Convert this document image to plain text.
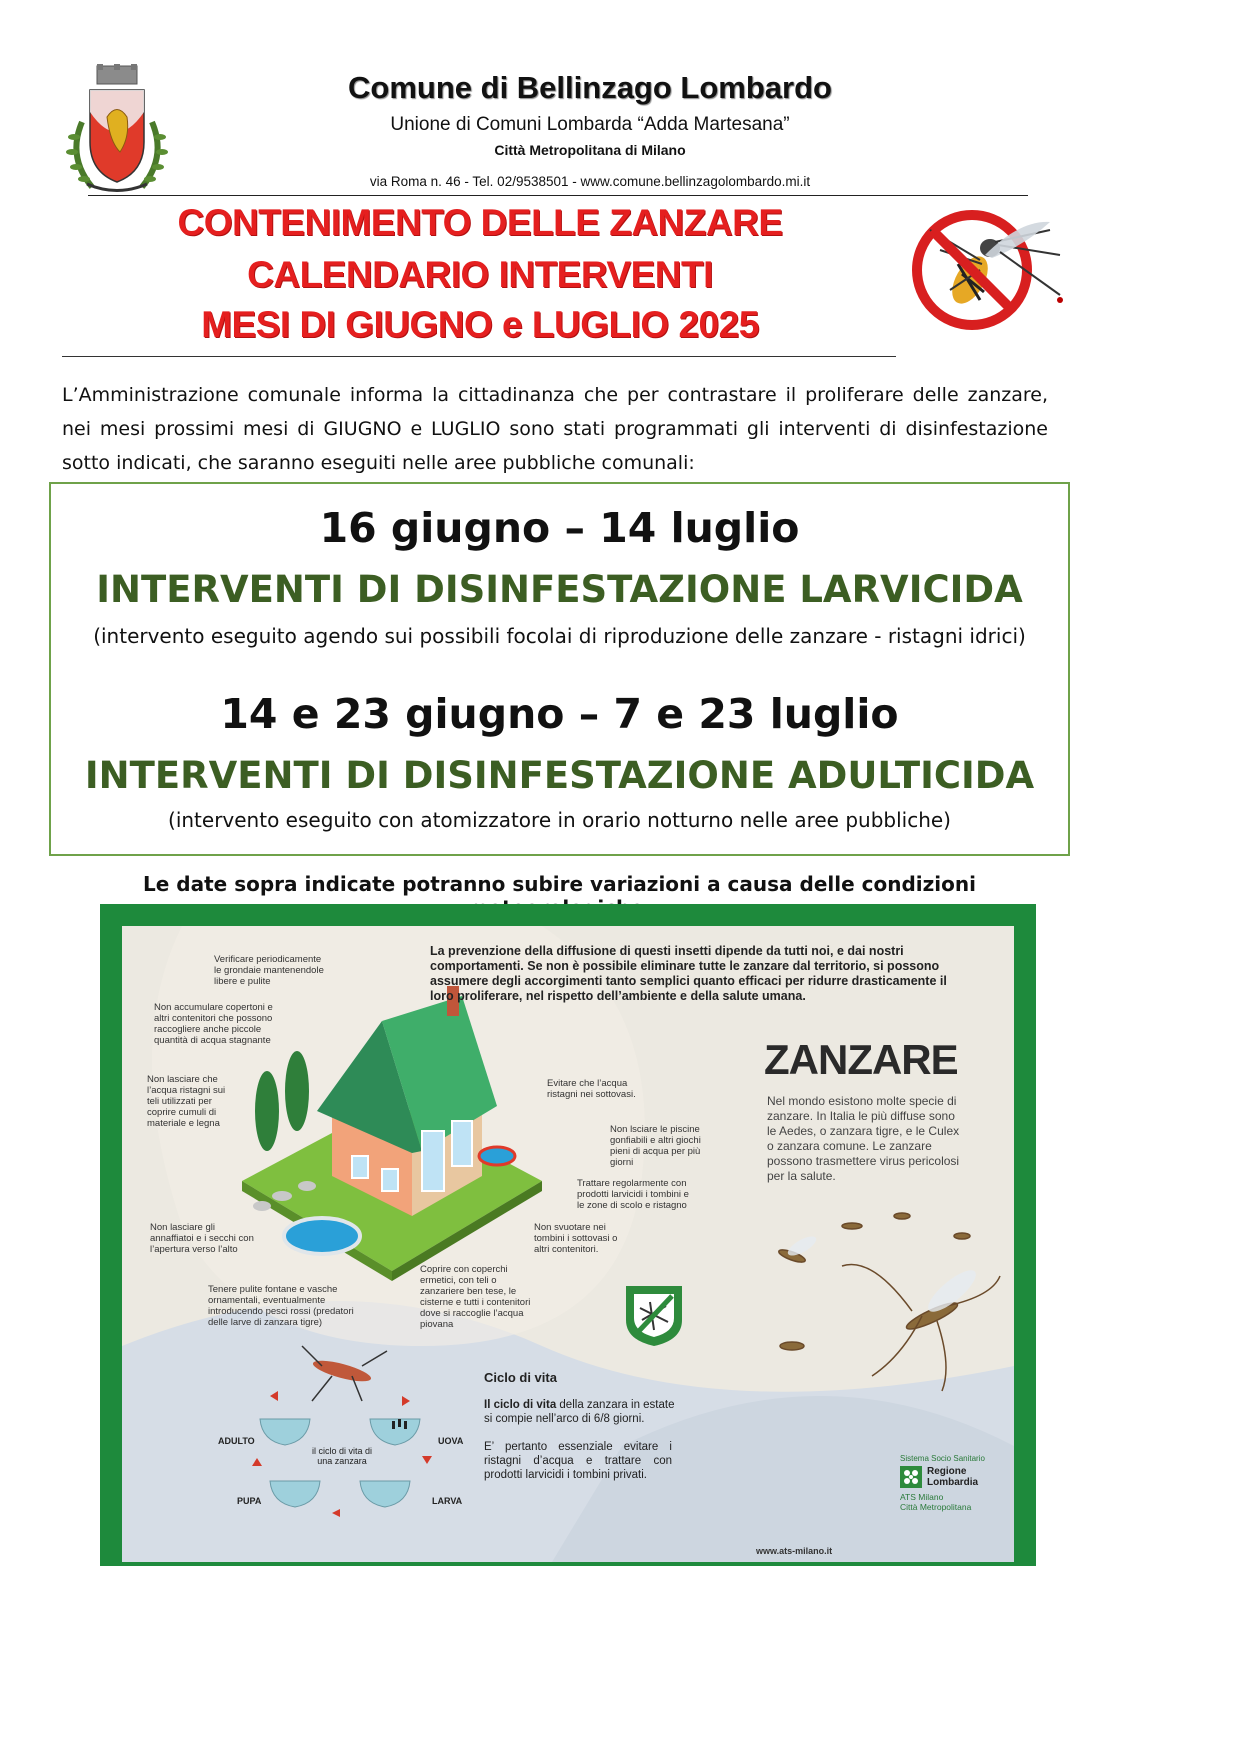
Comune di Bellinzago Lombardo
Unione di Comuni Lombarda “Adda Martesana”
Città Metropolitana di Milano
via Roma n. 46 - Tel. 02/9538501 - www.comune.bellinzagolombardo.mi.it
CONTENIMENTO DELLE ZANZARE
CALENDARIO INTERVENTI
MESI DI GIUGNO e LUGLIO 2025
L’Amministrazione comunale informa la cittadinanza che per contrastare il proliferare delle zanzare, nei mesi prossimi mesi di GIUGNO e LUGLIO sono stati programmati gli interventi di disinfestazione sotto indicati, che saranno eseguiti nelle aree pubbliche comunali:
16 giugno – 14 luglio
INTERVENTI DI DISINFESTAZIONE LARVICIDA
(intervento eseguito agendo sui possibili focolai di riproduzione delle zanzare - ristagni idrici)
14 e 23 giugno – 7 e 23 luglio
INTERVENTI DI DISINFESTAZIONE ADULTICIDA
(intervento eseguito con atomizzatore in orario notturno nelle aree pubbliche)
Le date sopra indicate potranno subire variazioni a causa delle condizioni
Verificare periodicamente le grondaie mantenendole libere e pulite
Non accumulare copertoni e altri contenitori che possono raccogliere anche piccole quantità di acqua stagnante
Non lasciare che l’acqua ristagni sui teli utilizzati per coprire cumuli di materiale e legna
Evitare che l’acqua ristagni nei sottovasi.
Non lsciare le piscine gonfiabili e altri giochi pieni di acqua per più giorni
Trattare regolarmente con prodotti larvicidi i tombini e le zone di scolo e ristagno
Non lasciare gli annaffiatoi e i secchi con l’apertura verso l’alto
Non svuotare nei tombini i sottovasi o altri contenitori.
Tenere pulite fontane e vasche ornamentali, eventualmente introducendo pesci rossi (predatori delle larve di zanzara tigre)
Coprire con coperchi ermetici, con teli o zanzariere ben tese, le cisterne e tutti i contenitori dove si raccoglie l’acqua piovana
La prevenzione della diffusione di questi insetti dipende da tutti noi, e dai nostri comportamenti. Se non è possibile eliminare tutte le zanzare dal territorio, si possono assumere degli accorgimenti tanto semplici quanto efficaci per ridurre drasticamente il loro proliferare, nel rispetto dell’ambiente e della salute umana.
ZANZARE
Nel mondo esistono molte specie di zanzare. In Italia le più diffuse sono le Aedes, o zanzara tigre, e le Culex o zanzara comune. Le zanzare possono trasmettere virus pericolosi per la salute.
Ciclo di vita
Il ciclo di vita della zanzara in estate si compie nell’arco di 6/8 giorni.
E’ pertanto essenziale evitare i ristagni d’acqua e trattare con prodotti larvicidi i tombini privati.
ADULTO	UOVA
PUPA	LARVA
il ciclo di vita di una zanzara	Sistema Socio Sanitario
Regione
Lombardia
ATS Milano
Città Metropolitana
www.ats-milano.it
